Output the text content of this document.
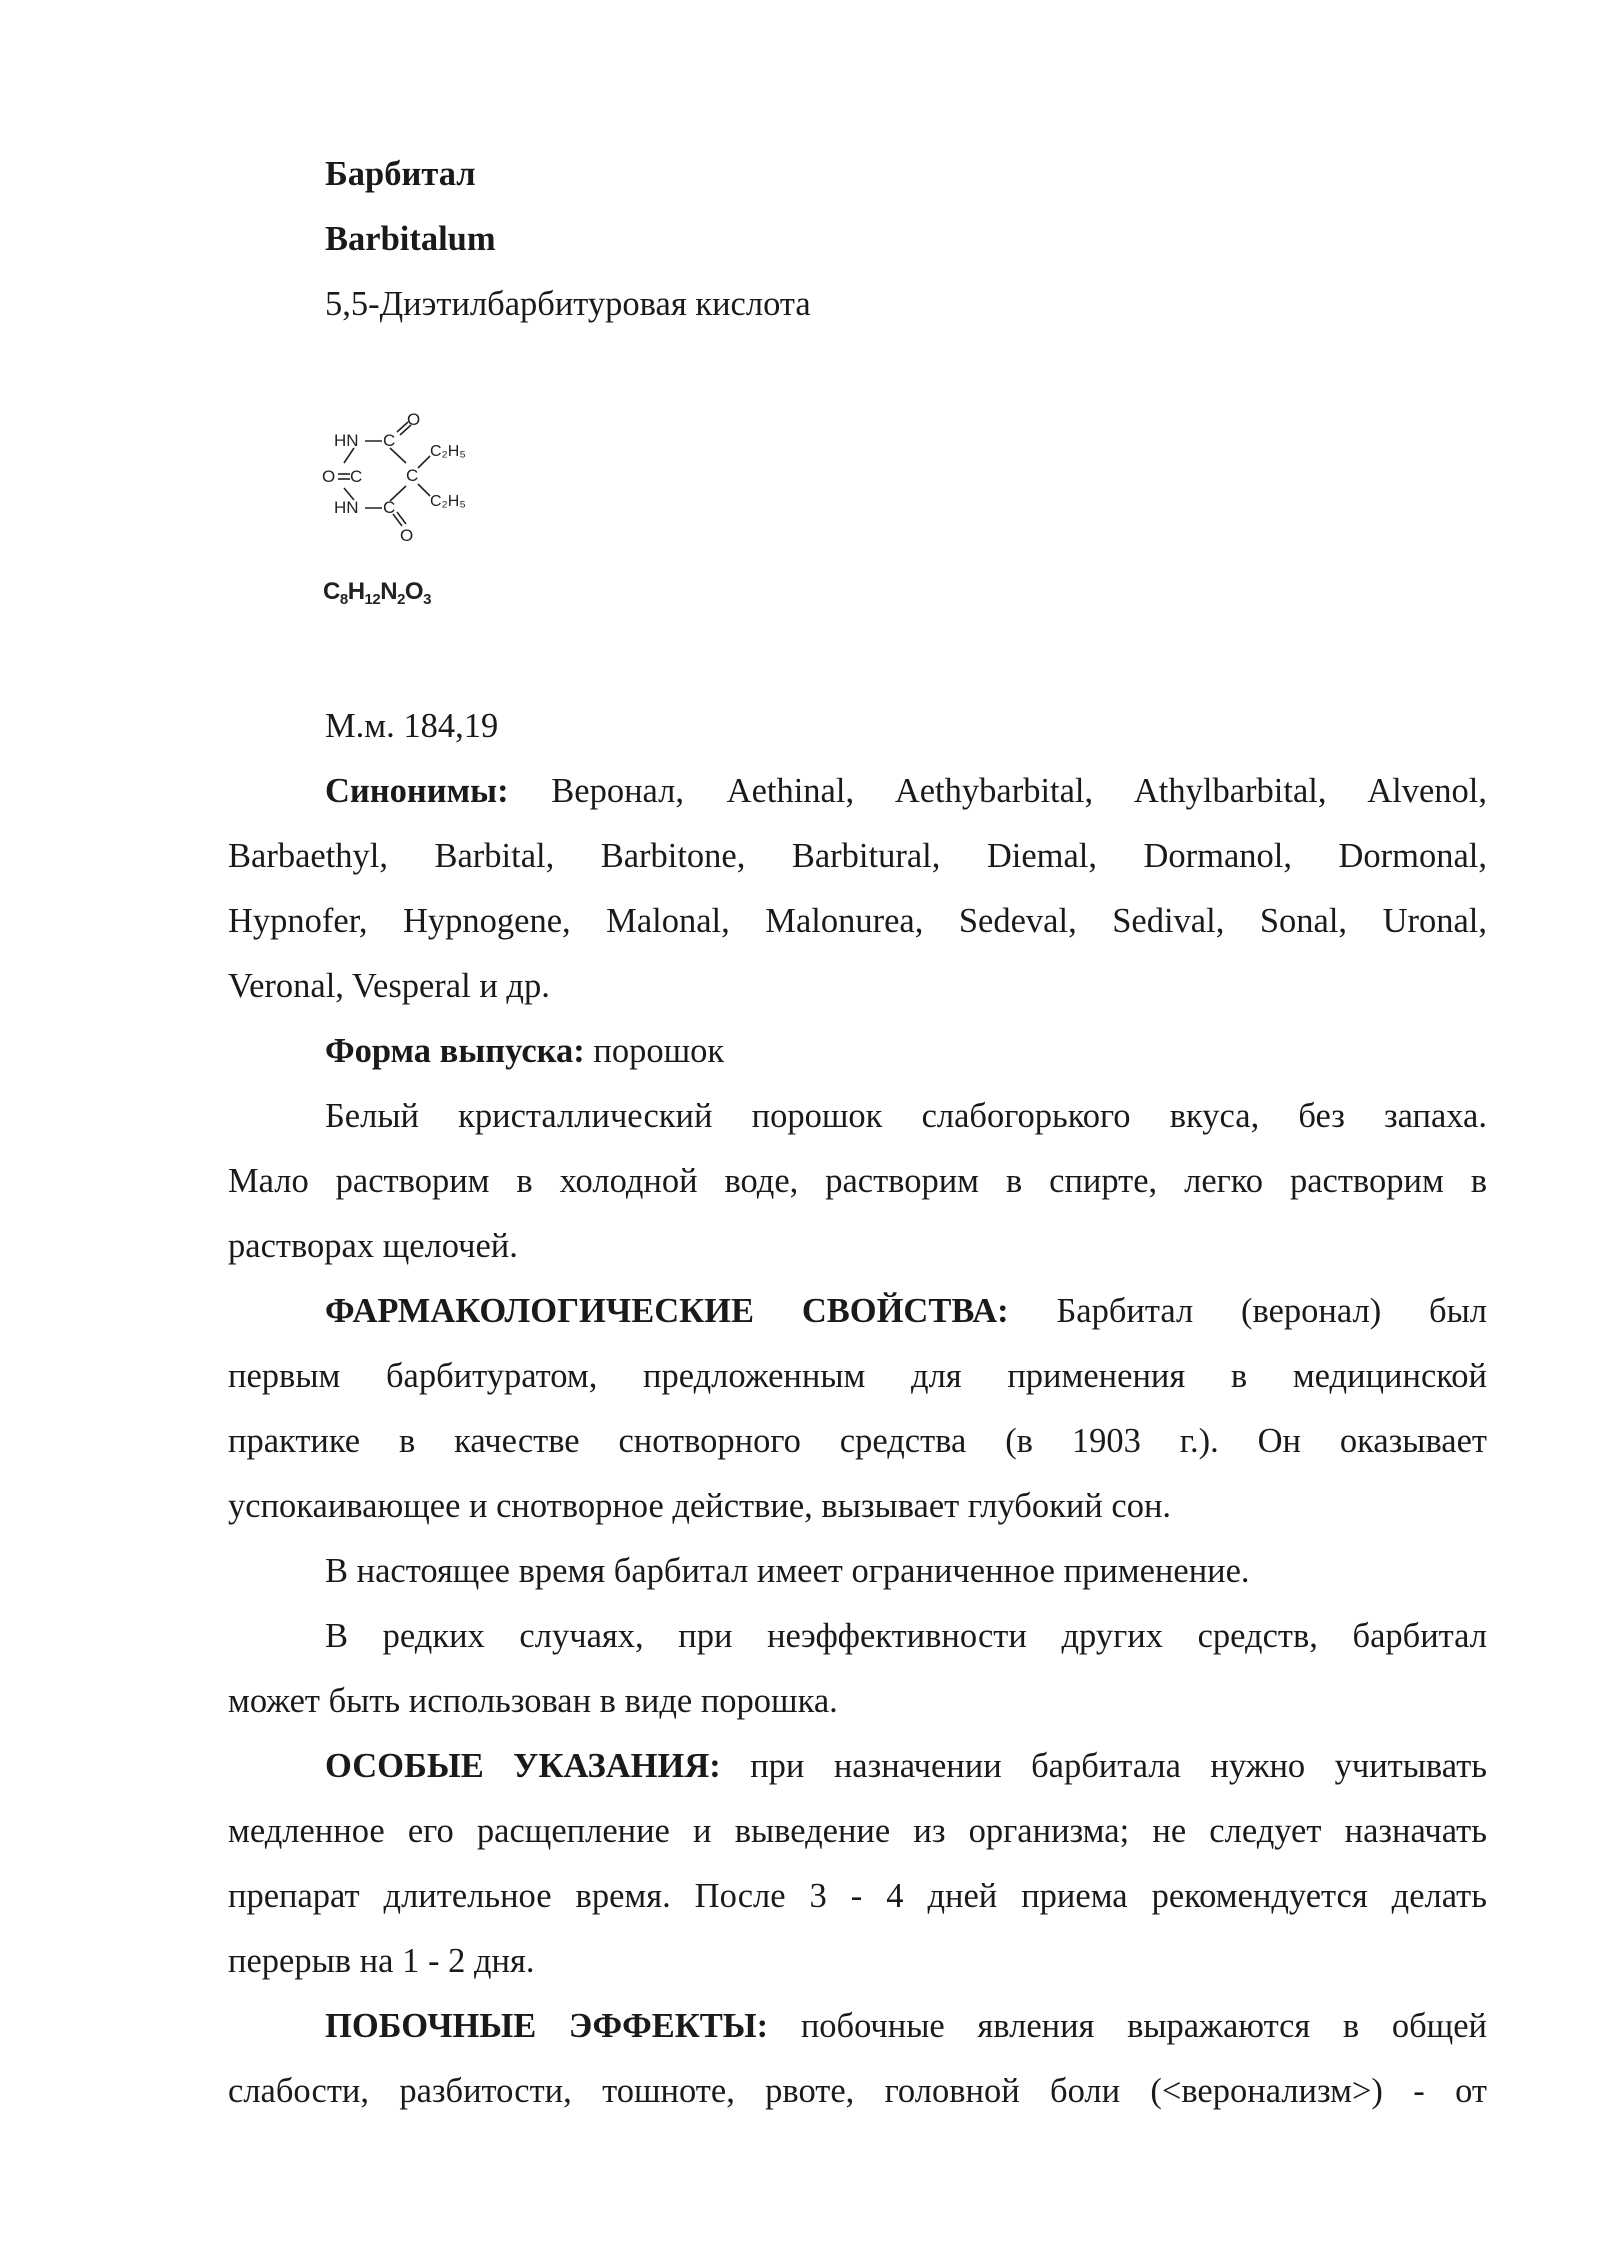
Барбитал
Barbitalum
5,5-Диэтилбарбитуровая кислота
HN C
O
O C	C
C₂H₅
HN C C₂H₅
O
$C_8H_{12}N_2O_3$
М.м. 184,19
Синонимы: Веронал, Aethinal, Aethybarbital, Athylbarbital, Alvenol,
Barbaethyl, Barbital, Barbitone, Barbitural, Diemal, Dormanol, Dormonal,
Hypnofer, Hypnogene, Malonal, Malonurea, Sedeval, Sedival, Sonal, Uronal,
Veronal, Vesperal и др.
Форма выпуска: порошок
Белый кристаллический порошок слабогорького вкуса, без запаха.
Мало растворим в холодной воде, растворим в спирте, легко растворим в
растворах щелочей.
ФАРМАКОЛОГИЧЕСКИЕ СВОЙСТВА: Барбитал (веронал) был
первым барбитуратом, предложенным для применения в медицинской
практике в качестве снотворного средства (в 1903 г.). Он оказывает
успокаивающее и снотворное действие, вызывает глубокий сон.
В настоящее время барбитал имеет ограниченное применение.
В редких случаях, при неэффективности других средств, барбитал
может быть использован в виде порошка.
ОСОБЫЕ УКАЗАНИЯ: при назначении барбитала нужно учитывать
медленное его расщепление и выведение из организма; не следует назначать
препарат длительное время. После 3 - 4 дней приема рекомендуется делать
перерыв на 1 - 2 дня.
ПОБОЧНЫЕ ЭФФЕКТЫ: побочные явления выражаются в общей
слабости, разбитости, тошноте, рвоте, головной боли (<веронализм>) - от
